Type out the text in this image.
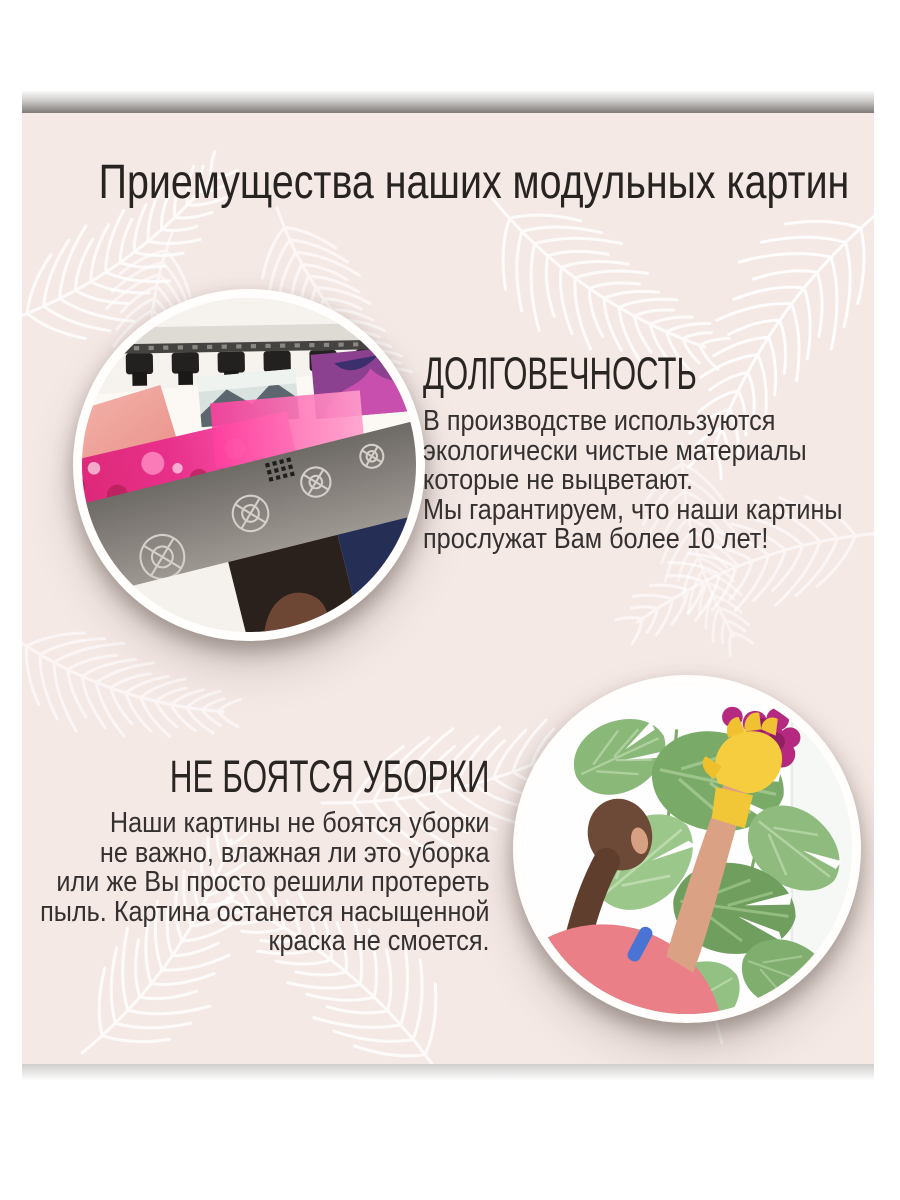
Приемущества наших модульных картин
ДОЛГОВЕЧНОСТЬ
В производстве используются
экологически чистые материалы
которые не выцветают.
Мы гарантируем, что наши картины
прослужат Вам более 10 лет!
НЕ БОЯТСЯ УБОРКИ
Наши картины не боятся уборки
не важно, влажная ли это уборка
или же Вы просто решили протереть
пыль. Картина останется насыщенной
краска не смоется.
